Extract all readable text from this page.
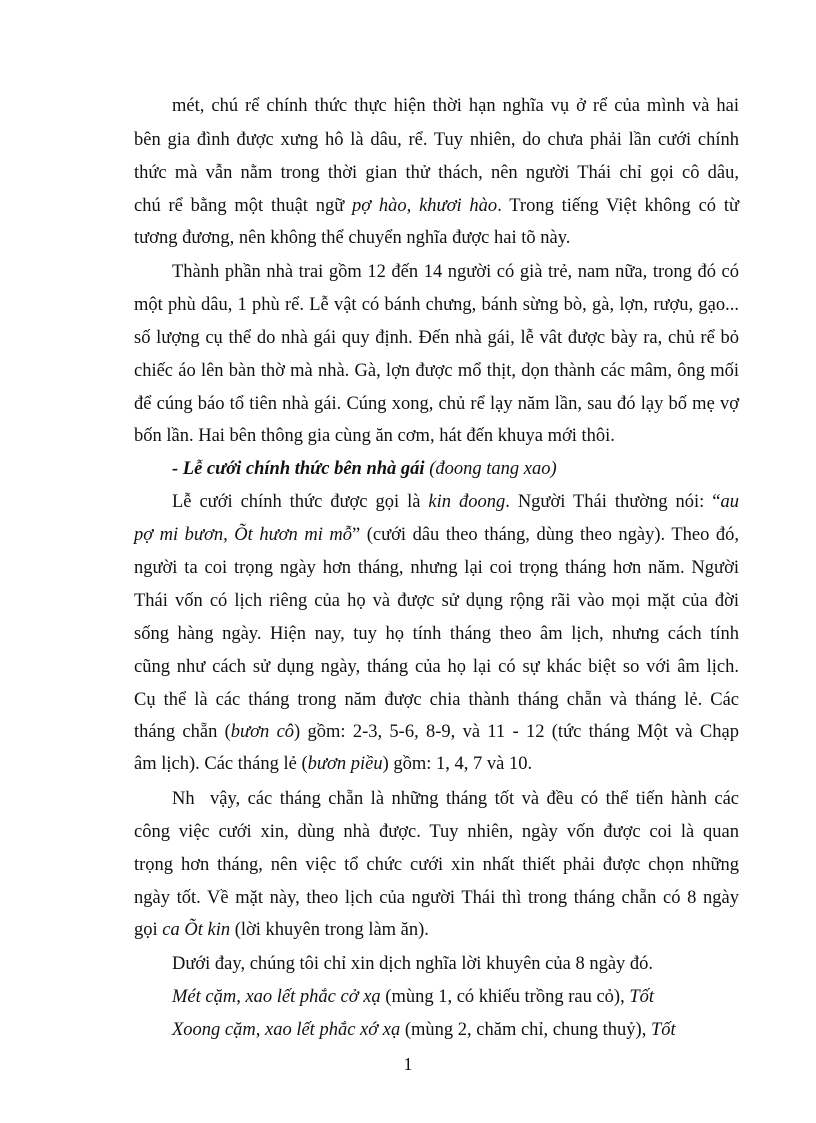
mét, chú rể chính thức thực hiện thời hạn nghĩa vụ ở rể của mình và hai
bên gia đình được xưng hô là dâu, rể. Tuy nhiên, do chưa phải lần cưới chính
thức mà vẫn nằm trong thời gian thử thách, nên người Thái chỉ gọi cô dâu,
chú rể bằng một thuật ngữ pợ hào, khươi hào. Trong tiếng Việt không có từ
tương đương, nên không thể chuyển nghĩa được hai tõ này.
Thành phần nhà trai gồm 12 đến 14 người có già trẻ, nam nữa, trong đó có
một phù dâu, 1 phù rể. Lễ vật có bánh chưng, bánh sừng bò, gà, lợn, rượu, gạo...
số lượng cụ thể do nhà gái quy định. Đến nhà gái, lễ vât được bày ra, chủ rể bỏ
chiếc áo lên bàn thờ mà nhà. Gà, lợn được mổ thịt, dọn thành các mâm, ông mối
để cúng báo tổ tiên nhà gái. Cúng xong, chủ rể lạy năm lần, sau đó lạy bố mẹ vợ
bốn lần. Hai bên thông gia cùng ăn cơm, hát đến khuya mới thôi.
- Lễ cưới chính thức bên nhà gái (đoong tang xao)
Lễ cưới chính thức được gọi là kin đoong. Người Thái thường nói: “au
pợ mi bươn, Õt hươn mi mỗ” (cưới dâu theo tháng, dùng theo ngày). Theo đó,
người ta coi trọng ngày hơn tháng, nhưng lại coi trọng tháng hơn năm. Người
Thái vốn có lịch riêng của họ và được sử dụng rộng rãi vào mọi mặt của đời
sống hàng ngày. Hiện nay, tuy họ tính tháng theo âm lịch, nhưng cách tính
cũng như cách sử dụng ngày, tháng của họ lại có sự khác biệt so với âm lịch.
Cụ thể là các tháng trong năm được chia thành tháng chẵn và tháng lẻ. Các
tháng chẵn (bươn cô) gồm: 2-3, 5-6, 8-9, và 11 - 12 (tức tháng Một và Chạp
âm lịch). Các tháng lẻ (bươn piều) gồm: 1, 4, 7 và 10.
Nh vậy, các tháng chẵn là những tháng tốt và đều có thể tiến hành các
công việc cưới xin, dùng nhà được. Tuy nhiên, ngày vốn được coi là quan
trọng hơn tháng, nên việc tổ chức cưới xin nhất thiết phải được chọn những
ngày tốt. Về mặt này, theo lịch của người Thái thì trong tháng chẵn có 8 ngày
gọi ca Õt kin (lời khuyên trong làm ăn).
Dưới đay, chúng tôi chỉ xin dịch nghĩa lời khuyên của 8 ngày đó.
Mét cặm, xao lết phắc cở xạ (mùng 1, có khiếu trồng rau cỏ), Tốt
Xoong cặm, xao lết phắc xớ xạ (mùng 2, chăm chỉ, chung thuỷ), Tốt
1
